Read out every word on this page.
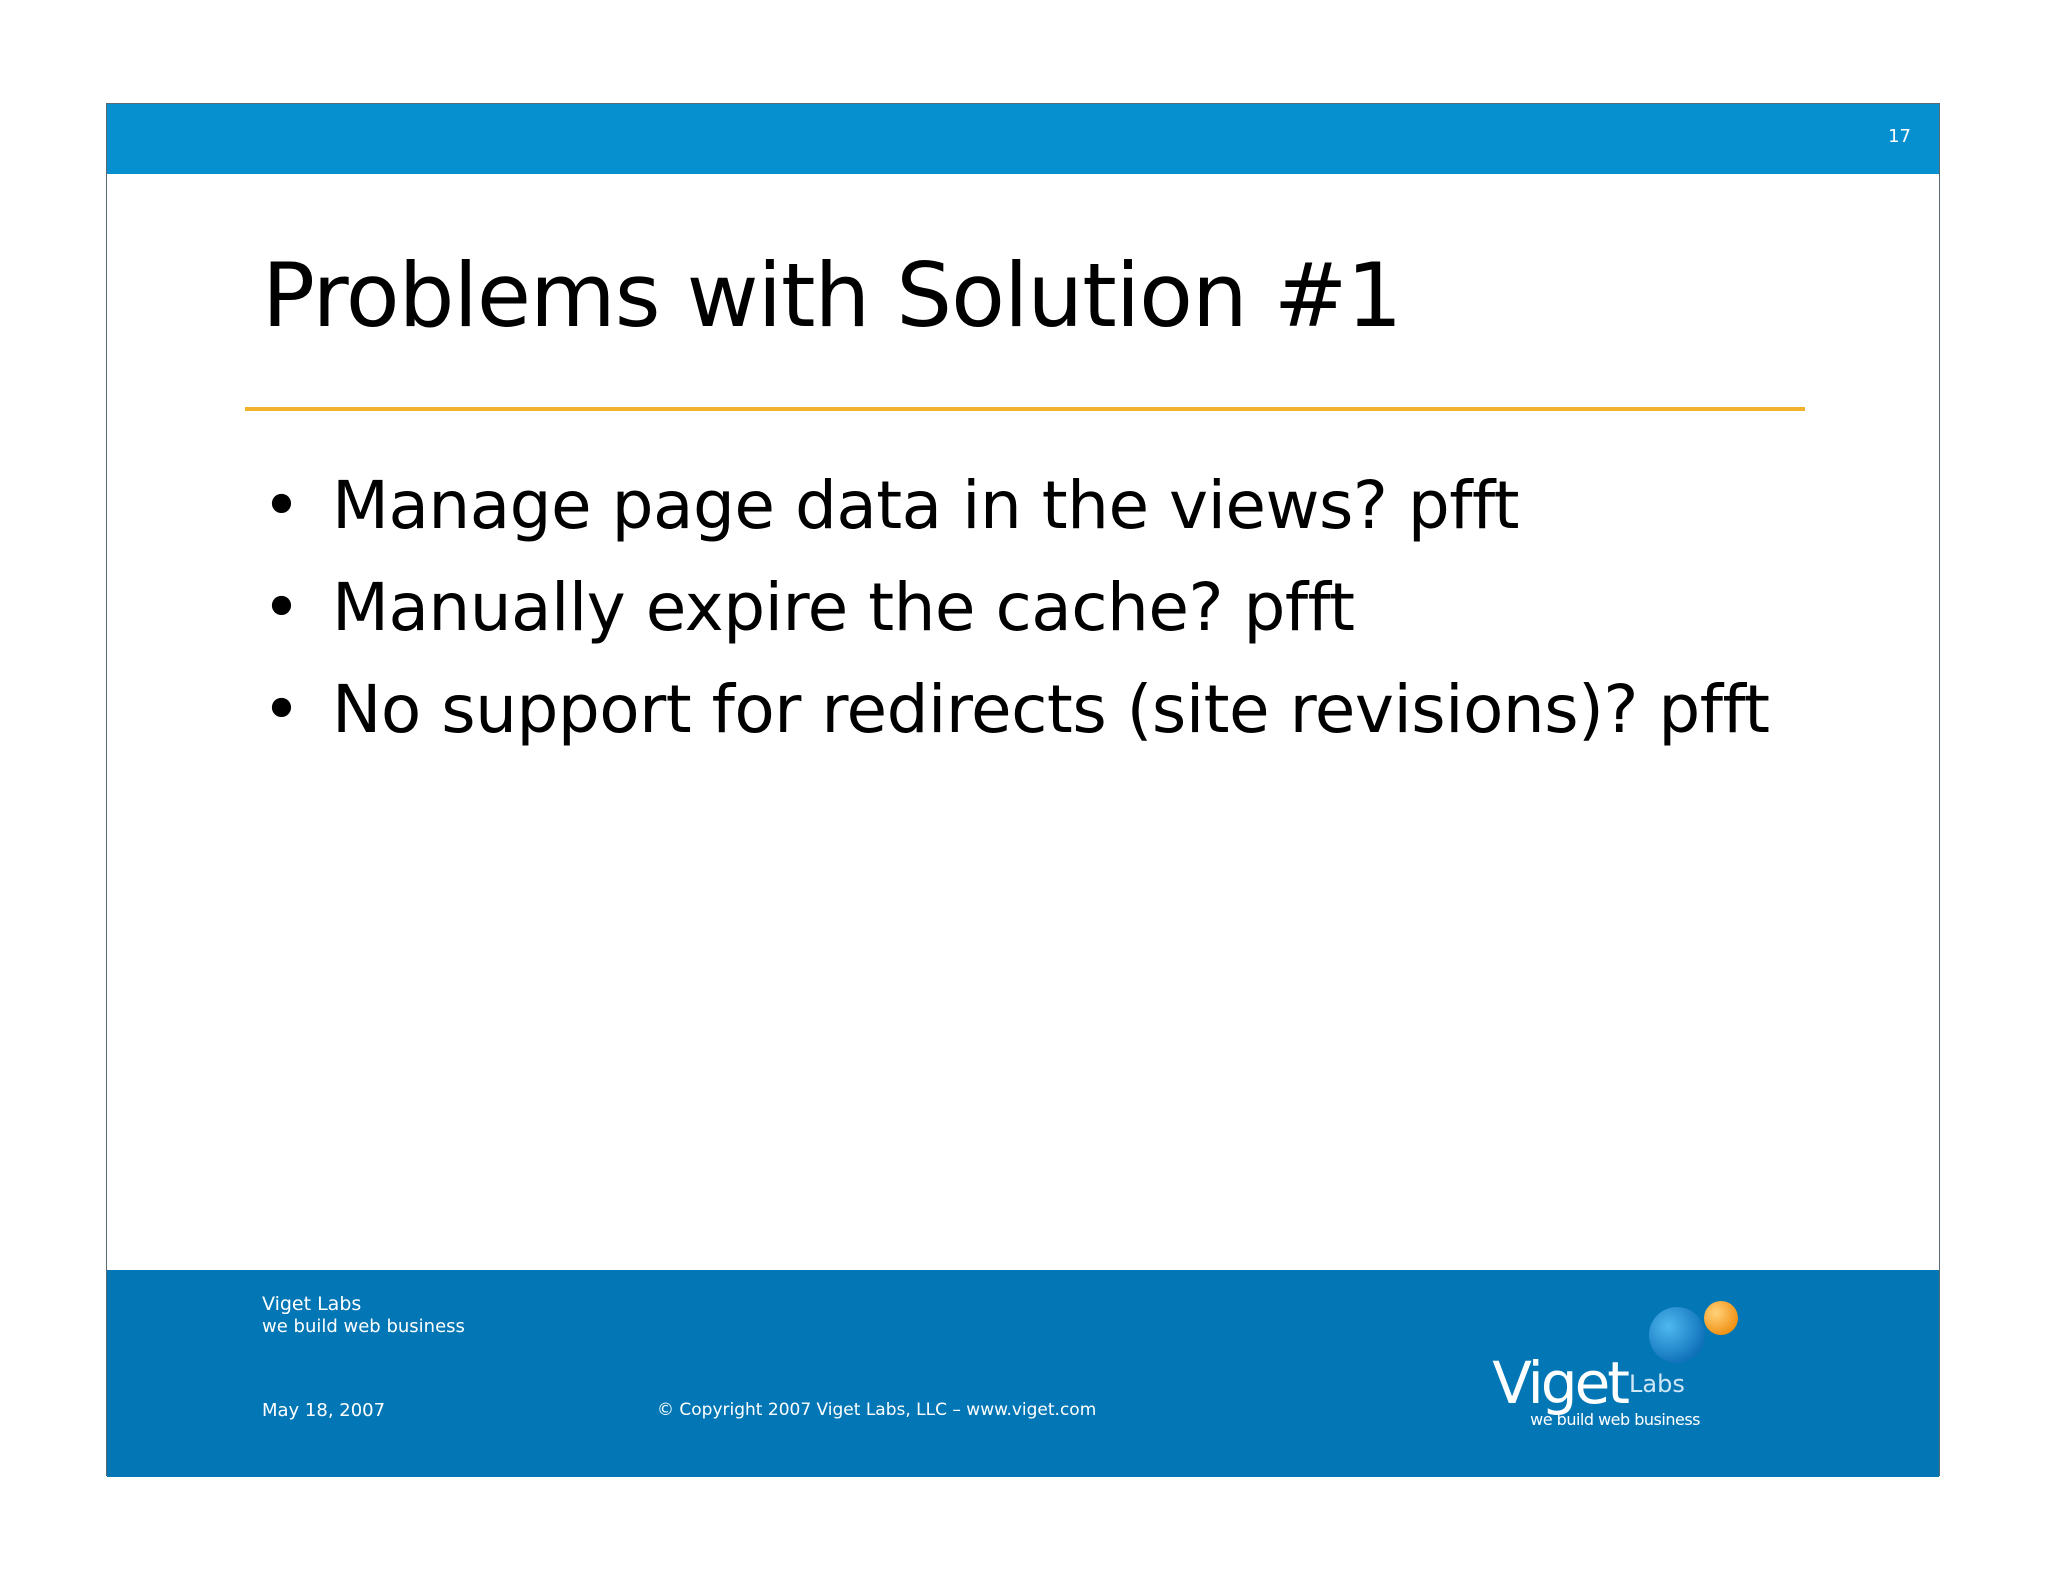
17
Problems with Solution #1
• Manage page data in the views? pfft
• Manually expire the cache? pfft
• No support for redirects (site revisions)? pfft
Viget Labs
we build web business
May 18, 2007	© Copyright 2007 Viget Labs, LLC – www.viget.com	Viget Labs
we build web business
